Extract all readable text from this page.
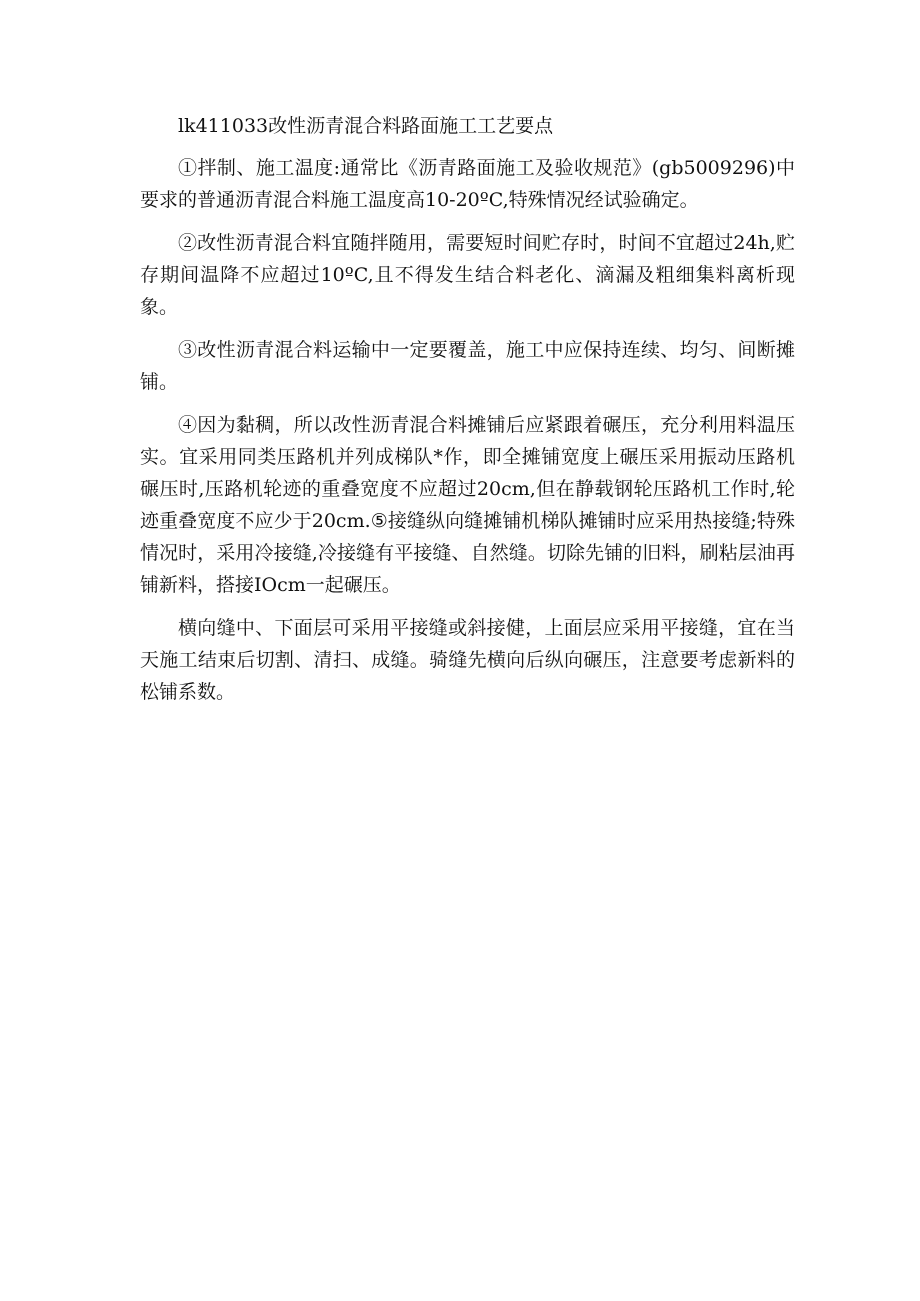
lk411033改性沥青混合料路面施工工艺要点

①拌制、施工温度:通常比《沥青路面施工及验收规范》(gb5009296)中要求的普通沥青混合料施工温度高10-20ºC,特殊情况经试验确定。

②改性沥青混合料宜随拌随用，需要短时间贮存时，时间不宜超过24h,贮存期间温降不应超过10ºC,且不得发生结合料老化、滴漏及粗细集料离析现象。

③改性沥青混合料运输中一定要覆盖，施工中应保持连续、均匀、间断摊铺。

④因为黏稠，所以改性沥青混合料摊铺后应紧跟着碾压，充分利用料温压实。宜采用同类压路机并列成梯队*作，即全摊铺宽度上碾压采用振动压路机碾压时,压路机轮迹的重叠宽度不应超过20cm,但在静载钢轮压路机工作时,轮迹重叠宽度不应少于20cm.⑤接缝纵向缝摊铺机梯队摊铺时应采用热接缝;特殊情况时，采用冷接缝,冷接缝有平接缝、自然缝。切除先铺的旧料，刷粘层油再铺新料，搭接IOcm一起碾压。

横向缝中、下面层可采用平接缝或斜接健，上面层应采用平接缝，宜在当天施工结束后切割、清扫、成缝。骑缝先横向后纵向碾压，注意要考虑新料的松铺系数。
